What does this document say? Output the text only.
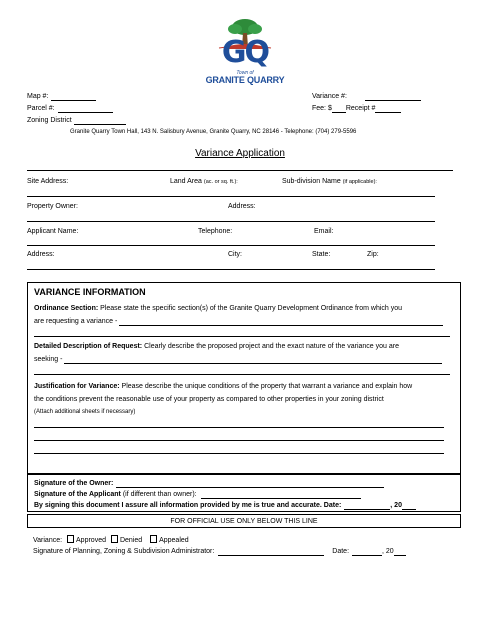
GQ
Town of
GRANITE QUARRY
Map #:
Parcel #:
Zoning District
Variance #:
Fee: $ Receipt #
Granite Quarry Town Hall, 143 N. Salisbury Avenue, Granite Quarry, NC 28146 - Telephone: (704) 279-5596
Variance Application
Site Address:	Land Area (ac. or sq. ft.):	Sub-division Name (if applicable):
Property Owner:	Address:
Applicant Name:	Telephone:	Email:
Address:	City:	State:	Zip:
VARIANCE INFORMATION
Ordinance Section: Please state the specific section(s) of the Granite Quarry Development Ordinance from which you
are requesting a variance -
Detailed Description of Request: Clearly describe the proposed project and the exact nature of the variance you are
seeking -
Justification for Variance: Please describe the unique conditions of the property that warrant a variance and explain how
the conditions prevent the reasonable use of your property as compared to other properties in your zoning district
(Attach additional sheets if necessary)
Signature of the Owner:
Signature of the Applicant (if different than owner):
By signing this document I assure all information provided by me is true and accurate. Date:	, 20
FOR OFFICIAL USE ONLY BELOW THIS LINE
Variance: Approved Denied Appealed
Signature of Planning, Zoning & Subdivision Administrator:	Date:	, 20
